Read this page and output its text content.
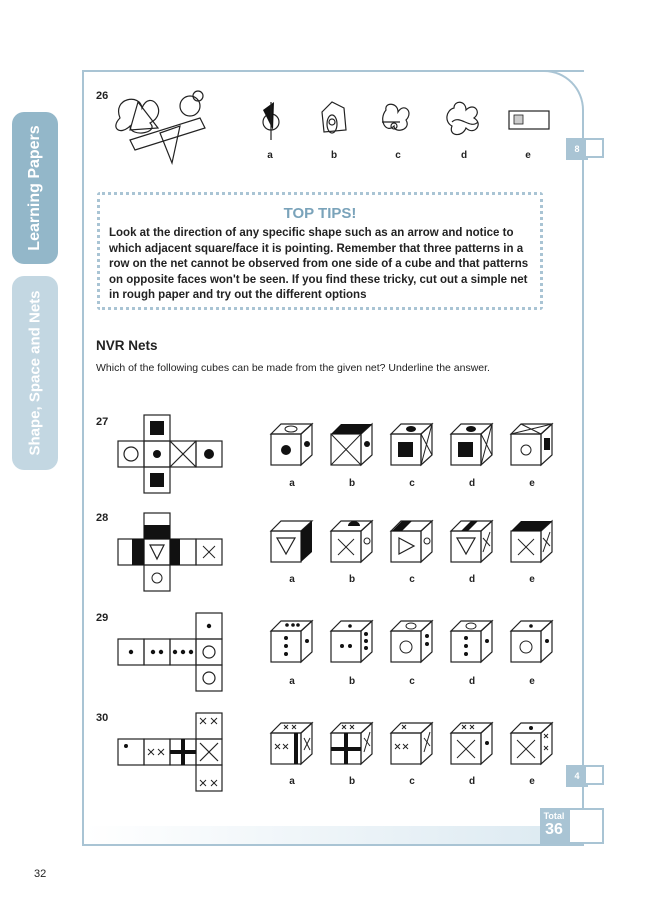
Learning Papers
Shape, Space and Nets
8
4
Total
36
26
a	b	c	d	e
TOP TIPS!
Look at the direction of any specific shape such as an arrow and notice to
which adjacent square/face it is pointing. Remember that three patterns in a
row on the net cannot be observed from one side of a cube and that patterns
on opposite faces won't be seen. If you find these tricky, cut out a simple net
in rough paper and try out the different options
NVR Nets
Which of the following cubes can be made from the given net? Underline the answer.
27
a	b	c	d	e
28
a	b	c	d	e
29
a	b	c	d	e
30
a	b	c	d	e
32
